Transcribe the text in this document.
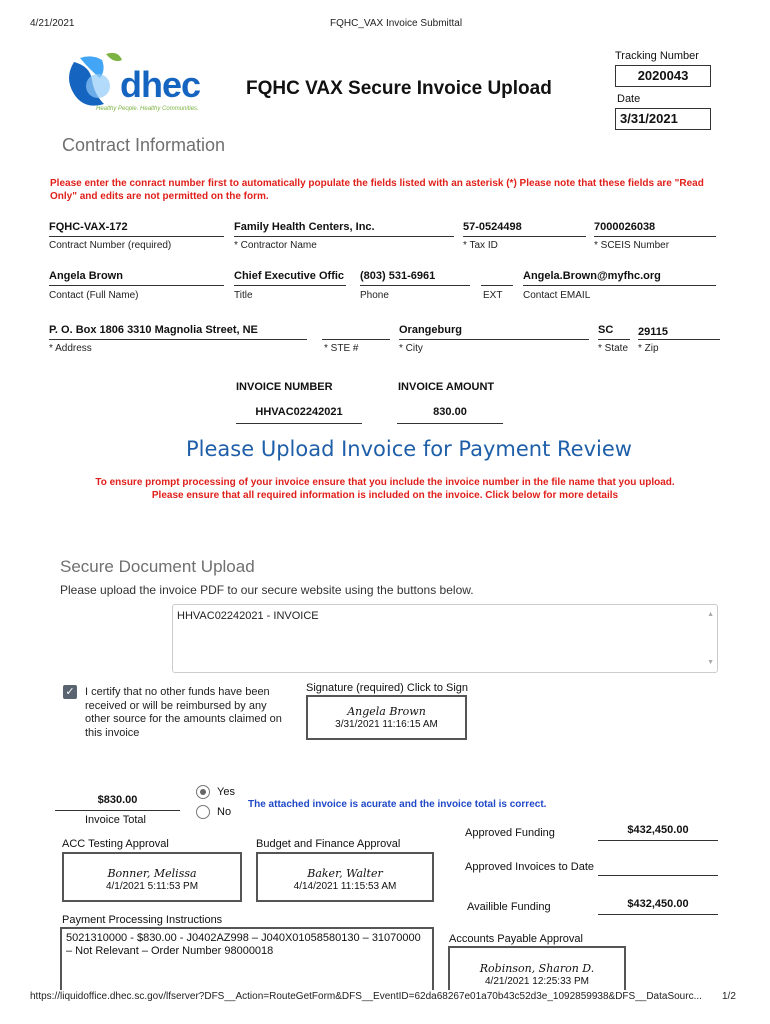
4/21/2021	FQHC_VAX Invoice Submittal
dhec
Healthy People. Healthy Communities.
FQHC VAX Secure Invoice Upload
Tracking Number
2020043
Date
3/31/2021
Contract Information
Please enter the conract number first to automatically populate the fields listed with an asterisk (*) Please note that these fields are "Read Only" and edits are not permitted on the form.
FQHC-VAX-172
Contract Number (required)
Family Health Centers, Inc.
* Contractor Name
57-0524498
* Tax ID
7000026038
* SCEIS Number
Angela Brown
Contact (Full Name)
Chief Executive Offic
Title
(803) 531-6961
Phone	EXT
Angela.Brown@myfhc.org
Contact EMAIL
P. O. Box 1806 3310 Magnolia Street, NE
* Address	* STE #
Orangeburg
* City
SC
* State
29115
* Zip
INVOICE NUMBER
HHVAC02242021
INVOICE AMOUNT
830.00
Please Upload Invoice for Payment Review
To ensure prompt processing of your invoice ensure that you include the invoice number in the file name that you upload.
Please ensure that all required information is included on the invoice. Click below for more details
Secure Document Upload
Please upload the invoice PDF to our secure website using the buttons below.
HHVAC02242021 - INVOICE	▲
▼
✓ I certify that no other funds have been
received or will be reimbursed by any
other source for the amounts claimed on
this invoice
Signature (required) Click to Sign
Angela Brown
3/31/2021 11:16:15 AM
$830.00
Invoice Total
Yes
No
The attached invoice is acurate and the invoice total is correct.
ACC Testing Approval
Bonner, Melissa
4/1/2021 5:11:53 PM
Budget and Finance Approval
Baker, Walter
4/14/2021 11:15:53 AM
Approved Funding	$432,450.00
Approved Invoices to Date
Availible Funding	$432,450.00
Payment Processing Instructions
5021310000 - $830.00 - J0402AZ998 – J040X01058580130 – 31070000 – Not Relevant – Order Number 98000018
Accounts Payable Approval
Robinson, Sharon D.
4/21/2021 12:25:33 PM
https://liquidoffice.dhec.sc.gov/lfserver?DFS__Action=RouteGetForm&DFS__EventID=62da68267e01a70b43c52d3e_1092859938&DFS__DataSourc...	1/2
